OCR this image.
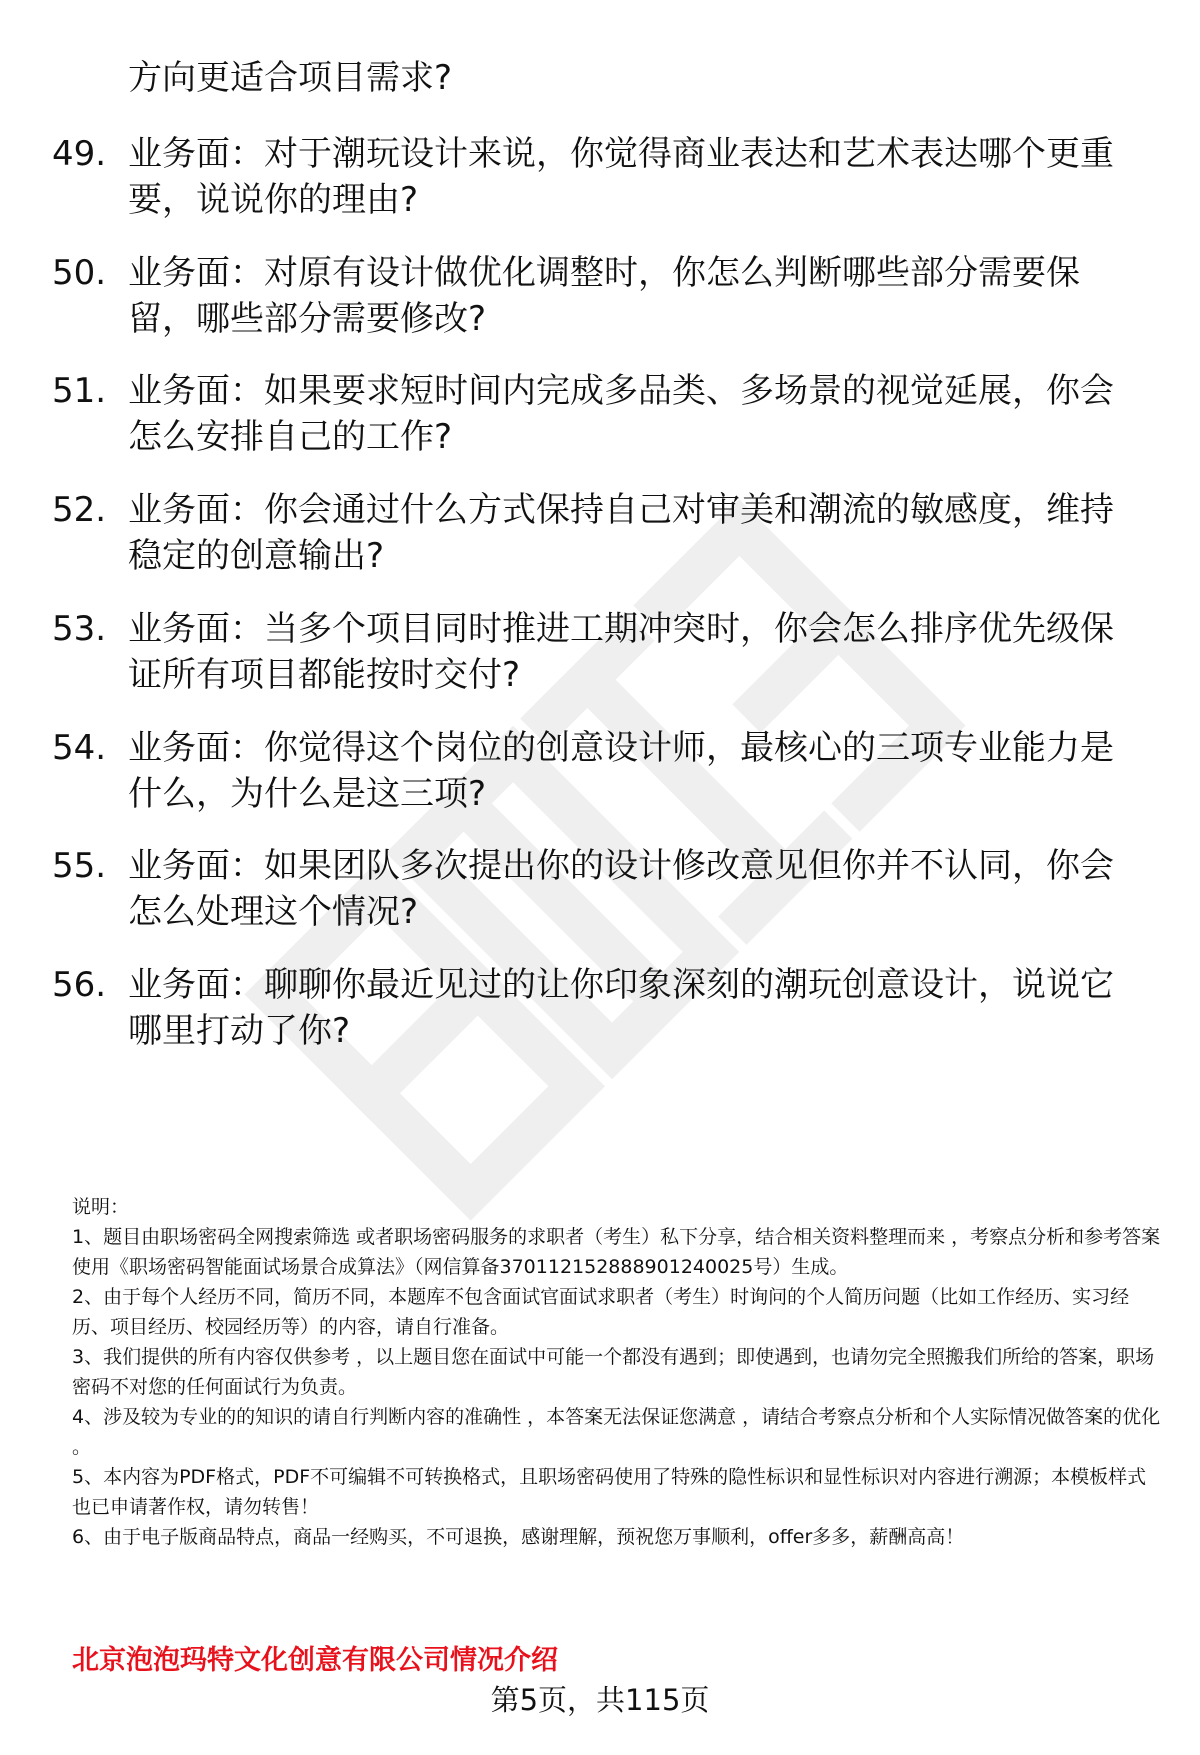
方向更适合项目需求?
49. 业务面：对于潮玩设计来说，你觉得商业表达和艺术表达哪个更重要，说说你的理由?
50. 业务面：对原有设计做优化调整时，你怎么判断哪些部分需要保留，哪些部分需要修改?
51. 业务面：如果要求短时间内完成多品类、多场景的视觉延展，你会怎么安排自己的工作?
52. 业务面：你会通过什么方式保持自己对审美和潮流的敏感度，维持稳定的创意输出?
53. 业务面：当多个项目同时推进工期冲突时，你会怎么排序优先级保证所有项目都能按时交付?
54. 业务面：你觉得这个岗位的创意设计师，最核心的三项专业能力是什么，为什么是这三项?
55. 业务面：如果团队多次提出你的设计修改意见但你并不认同，你会怎么处理这个情况?
56. 业务面：聊聊你最近见过的让你印象深刻的潮玩创意设计，说说它哪里打动了你?

说明：

1、题目由职场密码全网搜索筛选 或者职场密码服务的求职者（考生）私下分享，结合相关资料整理而来 ，考察点分析和参考答案使用《职场密码智能面试场景合成算法》（网信算备370112152888901240025号）生成。

2、由于每个人经历不同，简历不同，本题库不包含面试官面试求职者（考生）时询问的个人简历问题（比如工作经历、实习经历、项目经历、校园经历等）的内容，请自行准备。

3、我们提供的所有内容仅供参考 ，以上题目您在面试中可能一个都没有遇到；即使遇到，也请勿完全照搬我们所给的答案，职场密码不对您的任何面试行为负责。

4、涉及较为专业的的知识的请自行判断内容的准确性 ，本答案无法保证您满意 ，请结合考察点分析和个人实际情况做答案的优化 。

5、本内容为PDF格式，PDF不可编辑不可转换格式，且职场密码使用了特殊的隐性标识和显性标识对内容进行溯源；本模板样式也已申请著作权，请勿转售！

6、由于电子版商品特点，商品一经购买，不可退换，感谢理解，预祝您万事顺利，offer多多，薪酬高高！

北京泡泡玛特文化创意有限公司情况介绍
第5页，共115页
